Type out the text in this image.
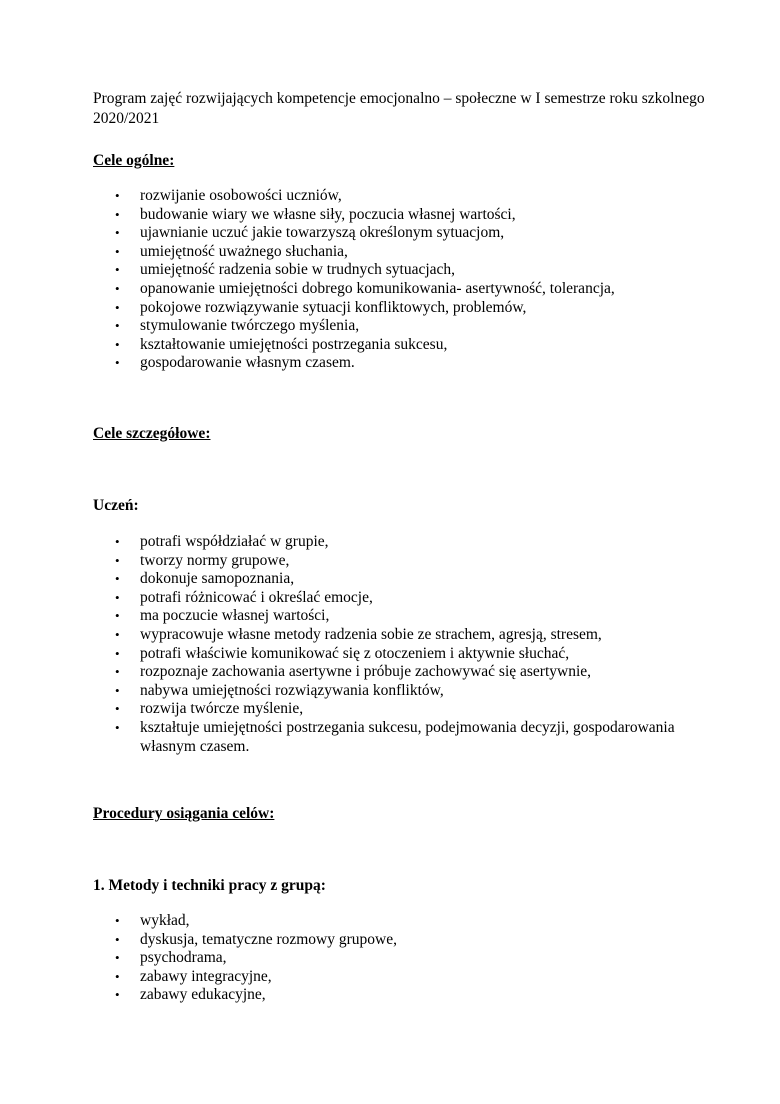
Program zajęć rozwijających kompetencje emocjonalno – społeczne w I semestrze roku szkolnego 2020/2021
Cele ogólne:
• rozwijanie osobowości uczniów,
• budowanie wiary we własne siły, poczucia własnej wartości,
• ujawnianie uczuć jakie towarzyszą określonym sytuacjom,
• umiejętność uważnego słuchania,
• umiejętność radzenia sobie w trudnych sytuacjach,
• opanowanie umiejętności dobrego komunikowania- asertywność, tolerancja,
• pokojowe rozwiązywanie sytuacji konfliktowych, problemów,
• stymulowanie twórczego myślenia,
• kształtowanie umiejętności postrzegania sukcesu,
• gospodarowanie własnym czasem.
Cele szczegółowe:
Uczeń:
• potrafi współdziałać w grupie,
• tworzy normy grupowe,
• dokonuje samopoznania,
• potrafi różnicować i określać emocje,
• ma poczucie własnej wartości,
• wypracowuje własne metody radzenia sobie ze strachem, agresją, stresem,
• potrafi właściwie komunikować się z otoczeniem i aktywnie słuchać,
• rozpoznaje zachowania asertywne i próbuje zachowywać się asertywnie,
• nabywa umiejętności rozwiązywania konfliktów,
• rozwija twórcze myślenie,
• kształtuje umiejętności postrzegania sukcesu, podejmowania decyzji, gospodarowania własnym czasem.
Procedury osiągania celów:
1. Metody i techniki pracy z grupą:
• wykład,
• dyskusja, tematyczne rozmowy grupowe,
• psychodrama,
• zabawy integracyjne,
• zabawy edukacyjne,
